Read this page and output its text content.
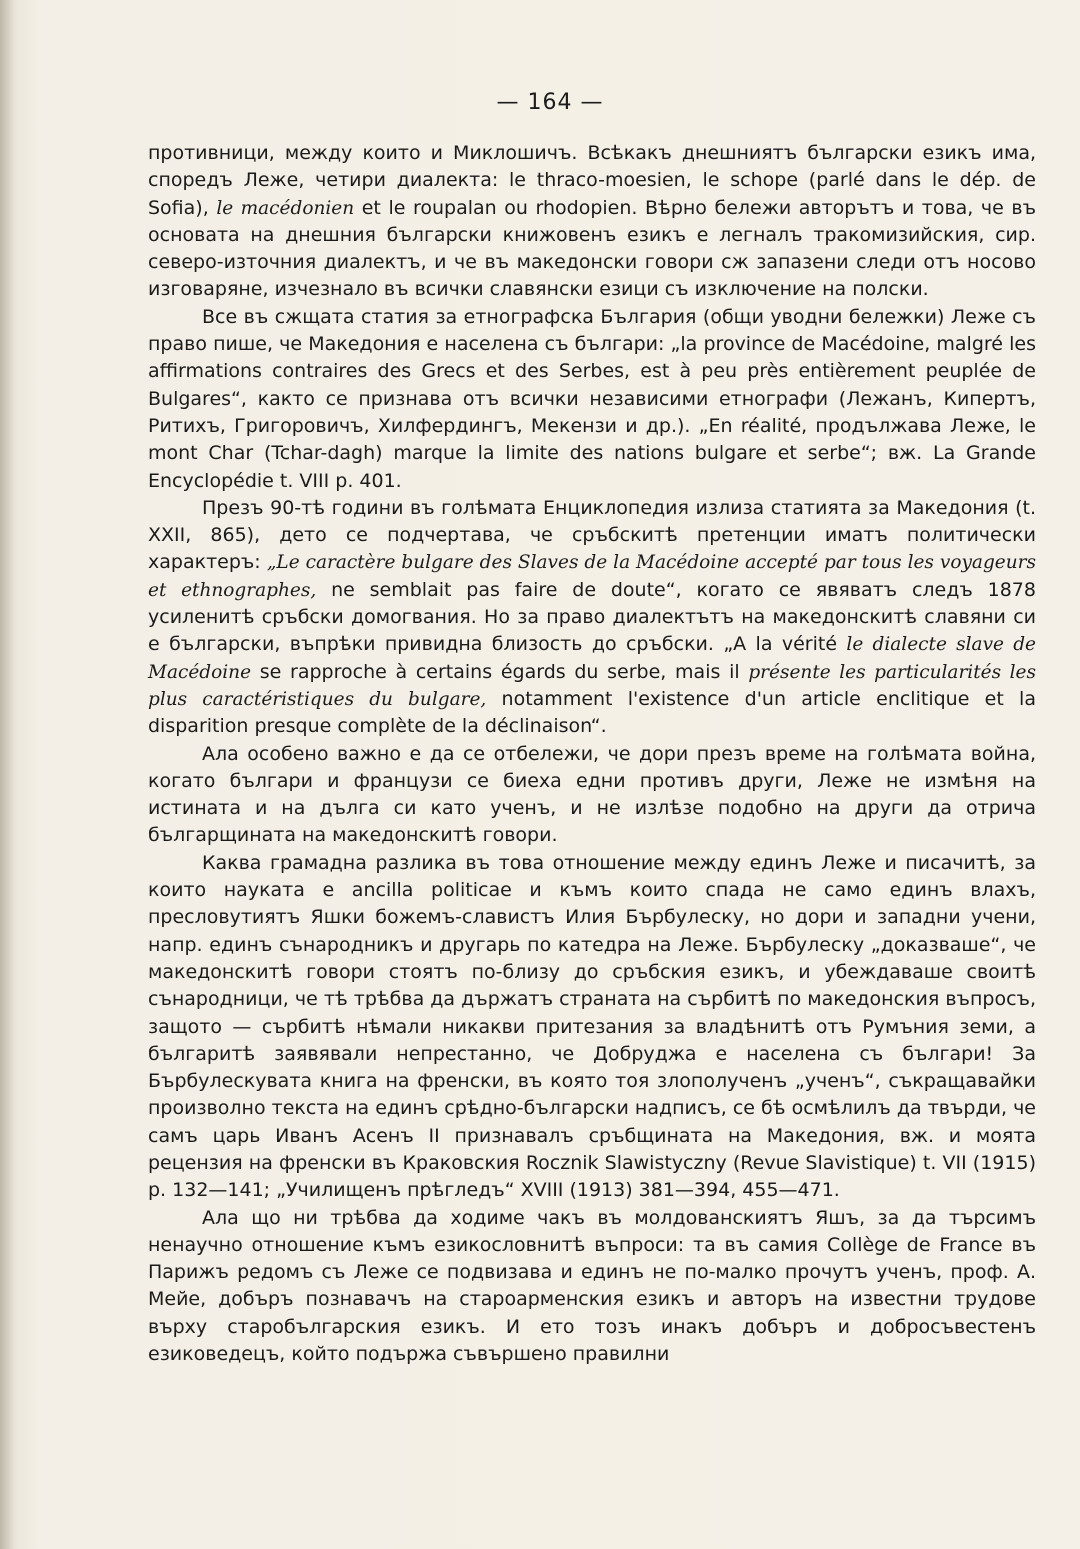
— 164 —

противници, между които и Миклошичъ. Всѣкакъ днешниятъ български езикъ има, споредъ Леже, четири диалекта: le thraco-moesien, le schope (parlé dans le dép. de Sofia), le macédonien et le roupalan ou rhodopien. Вѣрно бележи авторътъ и това, че въ основата на днешния български книжовенъ езикъ е легналъ тракомизийския, сир. северо-източния диалектъ, и че въ македонски говори сж запазени следи отъ носово изговаряне, изчезнало въ всички славянски езици съ изключение на полски.

Все въ сжщата статия за етнографска България (общи уводни бележки) Леже съ право пише, че Македония е населена съ българи: „la province de Macédoine, malgré les affirmations contraires des Grecs et des Serbes, est à peu près entièrement peuplée de Bulgares“, както се признава отъ всички независими етнографи (Лежанъ, Кипертъ, Ритихъ, Григоровичъ, Хилфердингъ, Мекензи и др.). „En réalité, продължава Леже, le mont Char (Tchar-dagh) marque la limite des nations bulgare et serbe“; вж. La Grande Encyclopédie t. VIII p. 401.

Презъ 90-тѣ години въ голѣмата Енциклопедия излиза статията за Македония (t. XXII, 865), дето се подчертава, че сръбскитѣ претенции иматъ политически характеръ: „Le caractère bulgare des Slaves de la Macédoine accepté par tous les voyageurs et ethnographes, ne semblait pas faire de doute“, когато се явяватъ следъ 1878 усиленитѣ сръбски домогвания. Но за право диалектътъ на македонскитѣ славяни си е български, въпрѣки привидна близость до сръбски. „A la vérité le dialecte slave de Macédoine se rapproche à certains égards du serbe, mais il présente les particularités les plus caractéristiques du bulgare, notamment l'existence d'un article enclitique et la disparition presque complète de la déclinaison“.

Ала особено важно е да се отбележи, че дори презъ време на голѣмата война, когато българи и французи се биеха едни противъ други, Леже не измѣня на истината и на дълга си като ученъ, и не излѣзе подобно на други да отрича българщината на македонскитѣ говори.

Каква грамадна разлика въ това отношение между единъ Леже и писачитѣ, за които науката е ancilla politicae и къмъ които спада не само единъ влахъ, пресловутиятъ Яшки божемъ-славистъ Илия Бърбулеску, но дори и западни учени, напр. единъ сънародникъ и другарь по катедра на Леже. Бърбулеску „доказваше“, че македонскитѣ говори стоятъ по-близу до сръбския езикъ, и убеждаваше своитѣ сънародници, че тѣ трѣбва да държатъ страната на сърбитѣ по македонския въпросъ, защото — сърбитѣ нѣмали никакви притезания за владѣнитѣ отъ Румъния земи, а българитѣ заявявали непрестанно, че Добруджа е населена съ българи! За Бърбулескувата книга на френски, въ която тоя злополученъ „ученъ“, съкращавайки произволно текста на единъ срѣдно-български надписъ, се бѣ осмѣлилъ да твърди, че самъ царь Иванъ Асенъ II признавалъ сръбщината на Македония, вж. и моята рецензия на френски въ Краковския Rocznik Slawistyczny (Revue Slavistique) t. VII (1915) p. 132—141; „Училищенъ прѣгледъ“ XVIII (1913) 381—394, 455—471.

Ала що ни трѣбва да ходиме чакъ въ молдованскиятъ Яшъ, за да търсимъ ненаучно отношение къмъ езикословнитѣ въпроси: та въ самия Collège de France въ Парижъ редомъ съ Леже се подвизава и единъ не по-малко прочутъ ученъ, проф. А. Мейе, добъръ познавачъ на староарменския езикъ и авторъ на известни трудове върху старобългарския езикъ. И ето тозъ инакъ добъръ и добросъвестенъ езиковедецъ, който подържа съвършено правилни
